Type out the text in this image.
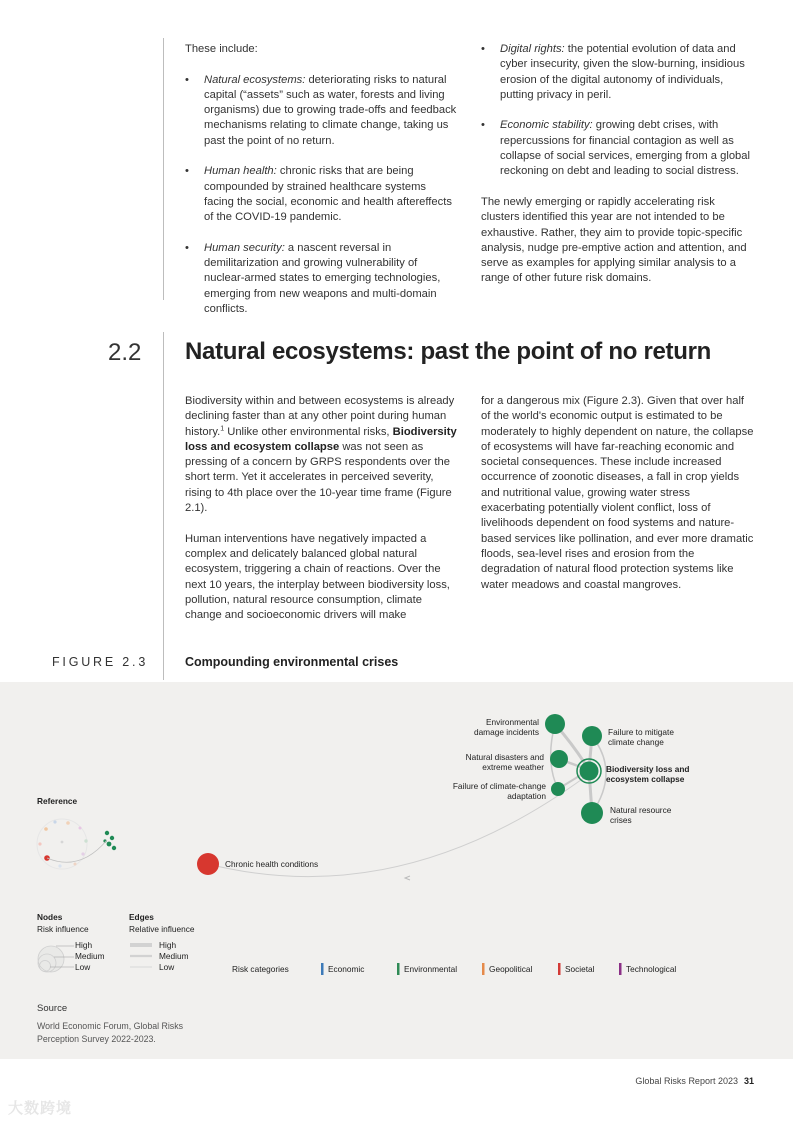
These include:

• Natural ecosystems: deteriorating risks to natural capital (“assets” such as water, forests and living organisms) due to growing trade-offs and feedback mechanisms relating to climate change, taking us past the point of no return.
• Human health: chronic risks that are being compounded by strained healthcare systems facing the social, economic and health aftereffects of the COVID-19 pandemic.
• Human security: a nascent reversal in demilitarization and growing vulnerability of nuclear-armed states to emerging technologies, emerging from new weapons and multi-domain conflicts.
• Digital rights: the potential evolution of data and cyber insecurity, given the slow-burning, insidious erosion of the digital autonomy of individuals, putting privacy in peril.
• Economic stability: growing debt crises, with repercussions for financial contagion as well as collapse of social services, emerging from a global reckoning on debt and leading to social distress.

The newly emerging or rapidly accelerating risk clusters identified this year are not intended to be exhaustive. Rather, they aim to provide topic-specific analysis, nudge pre-emptive action and attention, and serve as examples for applying similar analysis to a range of other future risk domains.

2.2 Natural ecosystems: past the point of no return

Biodiversity within and between ecosystems is already declining faster than at any other point during human history.$^1$ Unlike other environmental risks, Biodiversity loss and ecosystem collapse was not seen as pressing of a concern by GRPS respondents over the short term. Yet it accelerates in perceived severity, rising to 4th place over the 10-year time frame (Figure 2.1).

Human interventions have negatively impacted a complex and delicately balanced global natural ecosystem, triggering a chain of reactions. Over the next 10 years, the interplay between biodiversity loss, pollution, natural resource consumption, climate change and socioeconomic drivers will make

for a dangerous mix (Figure 2.3). Given that over half of the world's economic output is estimated to be moderately to highly dependent on nature, the collapse of ecosystems will have far-reaching economic and societal consequences. These include increased occurrence of zoonotic diseases, a fall in crop yields and nutritional value, growing water stress exacerbating potentially violent conflict, loss of livelihoods dependent on food systems and nature-based services like pollination, and ever more dramatic floods, sea-level rises and erosion from the degradation of natural flood protection systems like water meadows and coastal mangroves.

FIGURE 2.3	Compounding environmental crises
Environmental
damage incidents	Failure to mitigate
climate change
Natural disasters and
extreme weather	Biodiversity loss and
ecosystem collapse
Failure of climate-change
adaptation
Natural resource
crises
Chronic health conditions
Reference
Nodes
Risk influence
High
Medium
Low
Edges
Relative influence
High
Medium
Low	Risk categories	Economic	Environmental	Geopolitical	Societal	Technological
Source
World Economic Forum, Global Risks
Perception Survey 2022-2023.
Global Risks Report 2023 31
大数跨境
